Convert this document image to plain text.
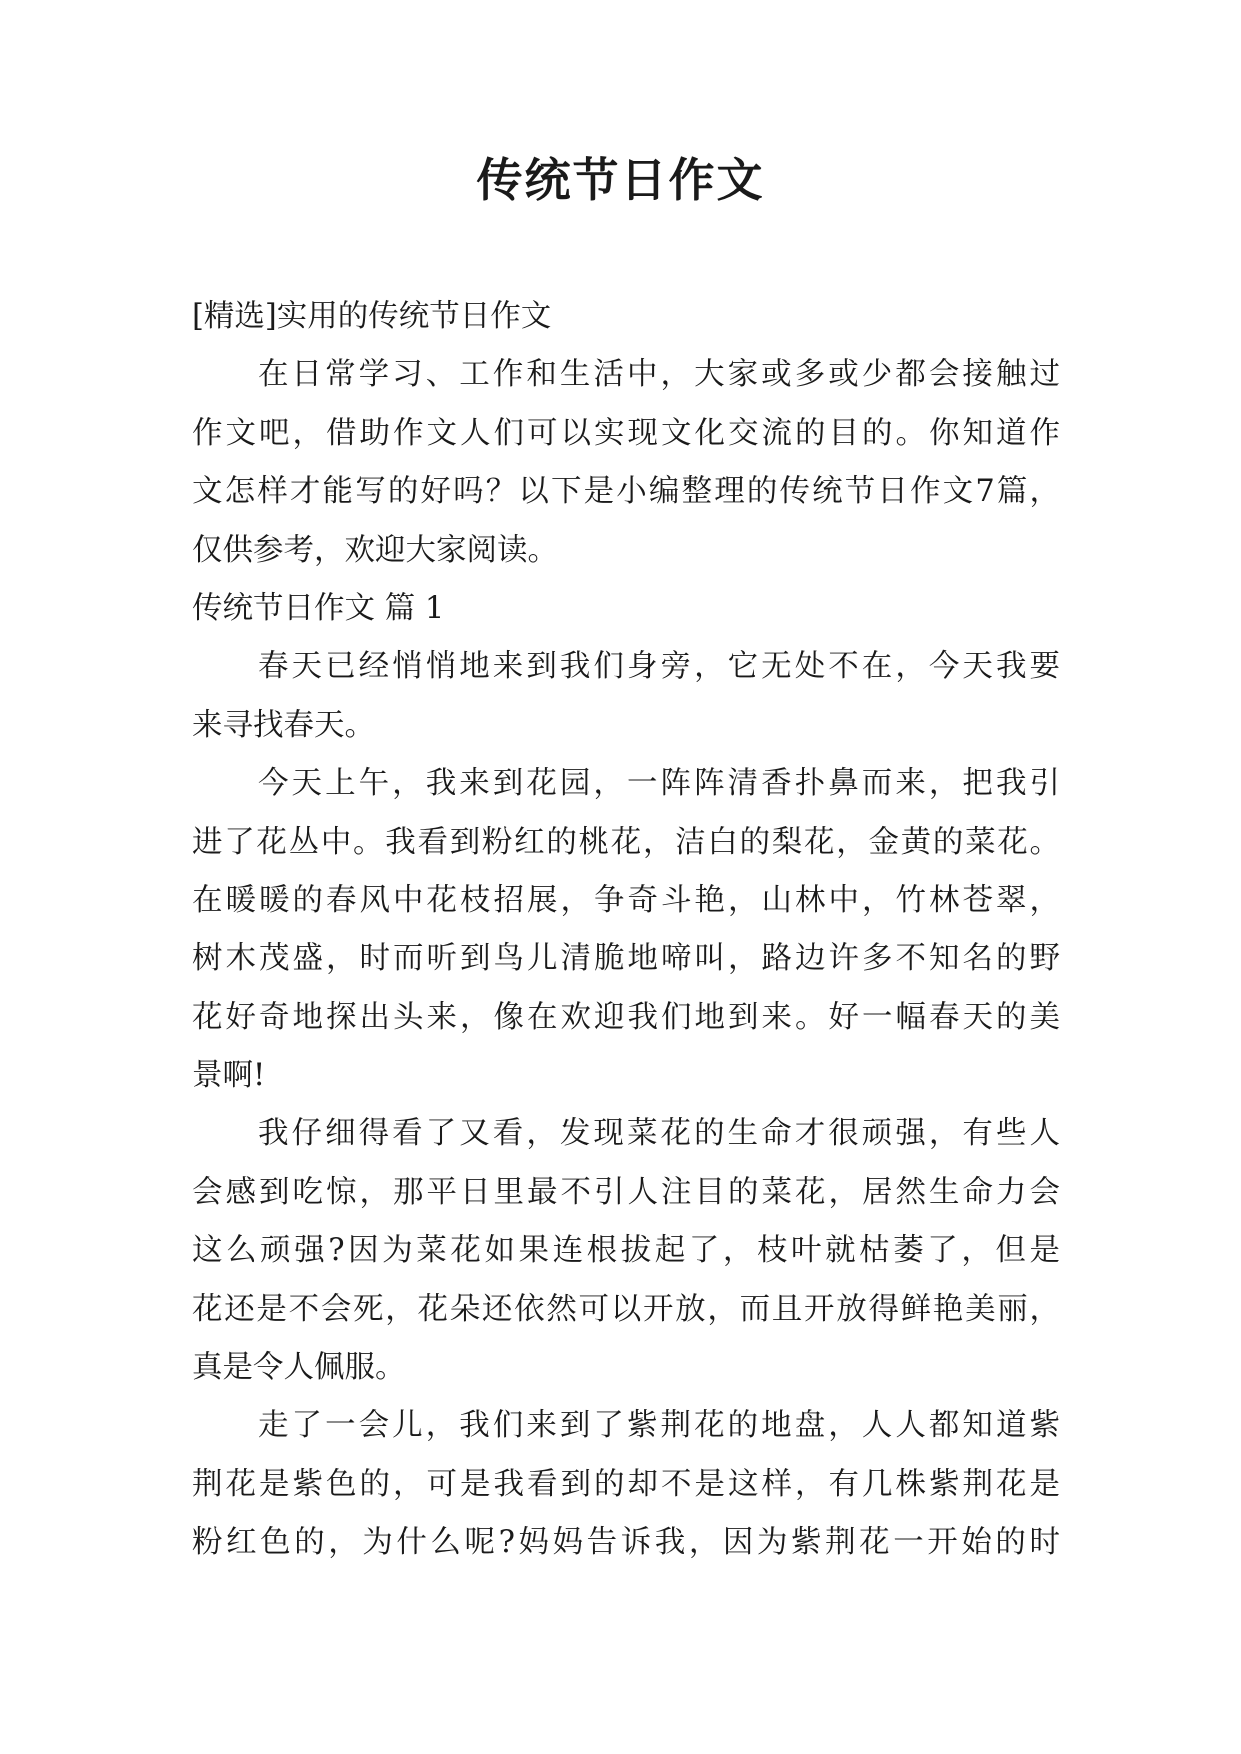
传统节日作文
[精选]实用的传统节日作文
在日常学习、工作和生活中，大家或多或少都会接触过
作文吧，借助作文人们可以实现文化交流的目的。你知道作
文怎样才能写的好吗？以下是小编整理的传统节日作文7篇，
仅供参考，欢迎大家阅读。
传统节日作文 篇 1
春天已经悄悄地来到我们身旁，它无处不在，今天我要
来寻找春天。
今天上午，我来到花园，一阵阵清香扑鼻而来，把我引
进了花丛中。我看到粉红的桃花，洁白的梨花，金黄的菜花。
在暖暖的春风中花枝招展，争奇斗艳，山林中，竹林苍翠，
树木茂盛，时而听到鸟儿清脆地啼叫，路边许多不知名的野
花好奇地探出头来，像在欢迎我们地到来。好一幅春天的美
景啊!
我仔细得看了又看，发现菜花的生命才很顽强，有些人
会感到吃惊，那平日里最不引人注目的菜花，居然生命力会
这么顽强?因为菜花如果连根拔起了，枝叶就枯萎了，但是
花还是不会死，花朵还依然可以开放，而且开放得鲜艳美丽，
真是令人佩服。
走了一会儿，我们来到了紫荆花的地盘，人人都知道紫
荆花是紫色的，可是我看到的却不是这样，有几株紫荆花是
粉红色的，为什么呢?妈妈告诉我，因为紫荆花一开始的时
